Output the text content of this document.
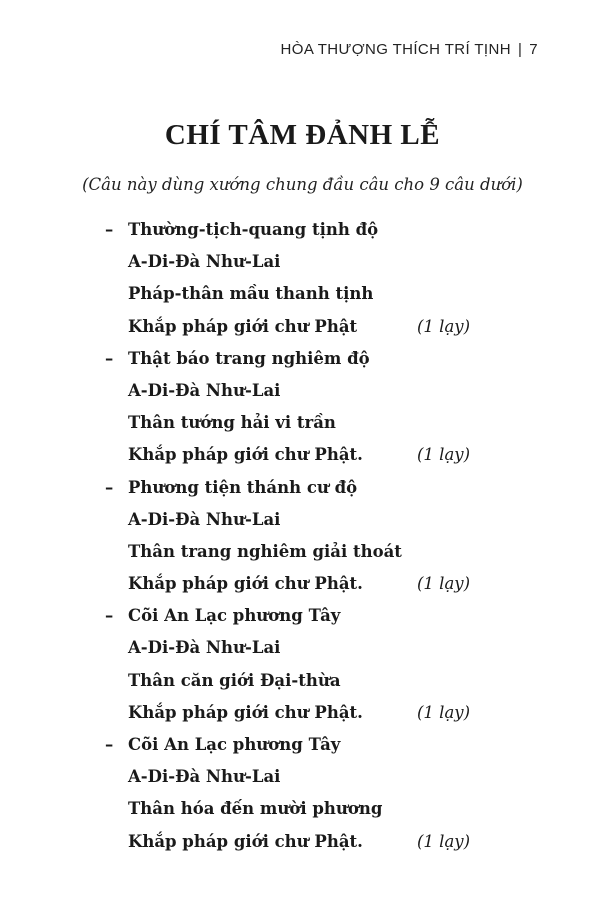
HÒA THƯỢNG THÍCH TRÍ TỊNH | 7
CHÍ TÂM ĐẢNH LỄ

(Câu này dùng xướng chung đầu câu cho 9 câu dưới)

– Thường-tịch-quang tịnh độ
A-Di-Đà Như-Lai
Pháp-thân mầu thanh tịnh
Khắp pháp giới chư Phật	(1 lạy)
– Thật báo trang nghiêm độ
A-Di-Đà Như-Lai
Thân tướng hải vi trần
Khắp pháp giới chư Phật.	(1 lạy)
– Phương tiện thánh cư độ
A-Di-Đà Như-Lai
Thân trang nghiêm giải thoát
Khắp pháp giới chư Phật.	(1 lạy)
– Cõi An Lạc phương Tây
A-Di-Đà Như-Lai
Thân căn giới Đại-thừa
Khắp pháp giới chư Phật.	(1 lạy)
– Cõi An Lạc phương Tây
A-Di-Đà Như-Lai
Thân hóa đến mười phương
Khắp pháp giới chư Phật.	(1 lạy)
